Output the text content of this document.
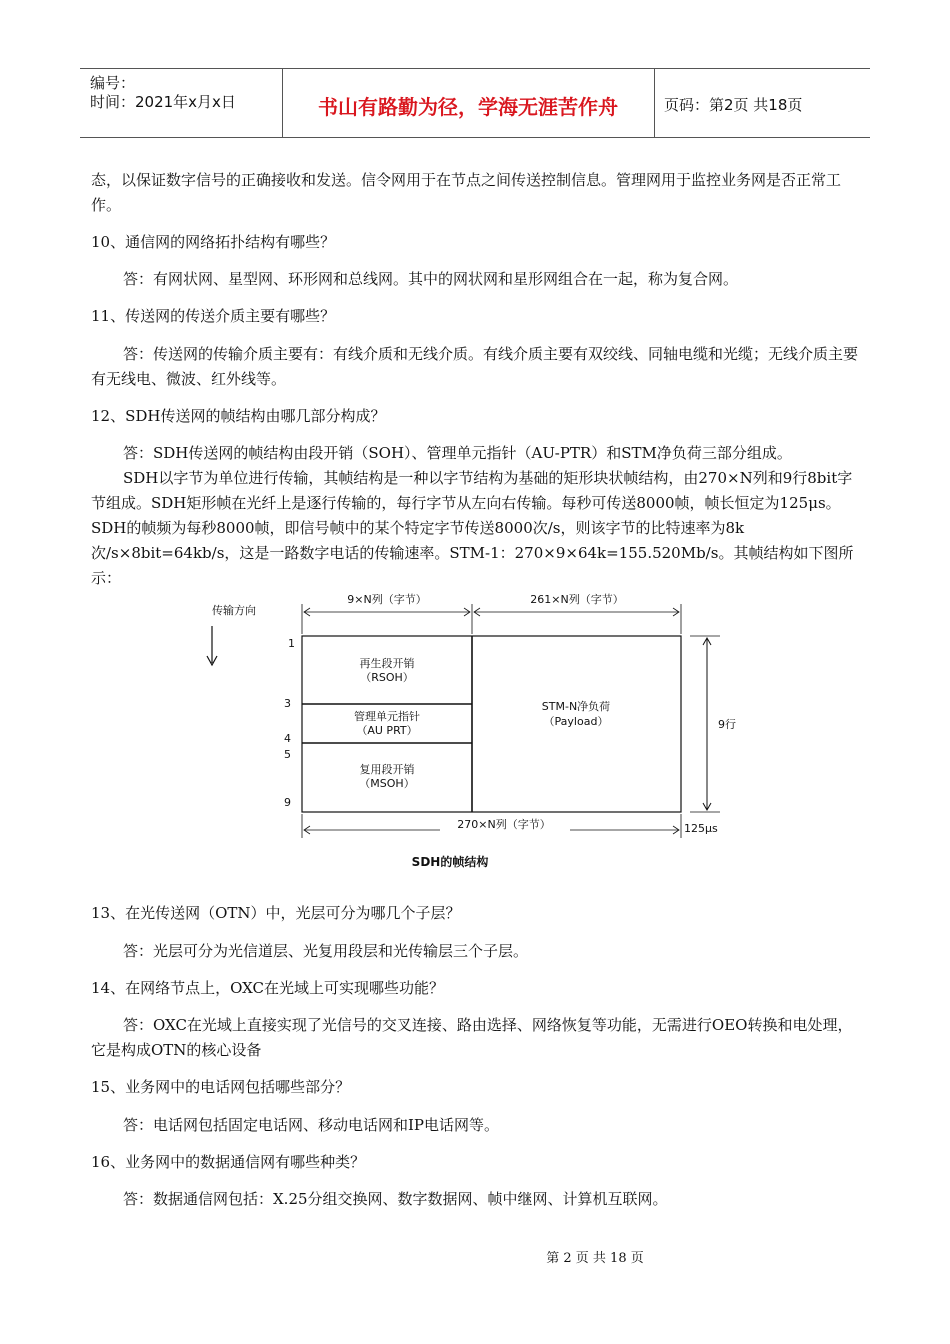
编号：
时间：2021年x月x日	书山有路勤为径，学海无涯苦作舟	页码：第2页 共18页

态，以保证数字信号的正确接收和发送。信令网用于在节点之间传送控制信息。管理网用于监控业务网是否正常工作。

10、通信网的网络拓扑结构有哪些？

答：有网状网、星型网、环形网和总线网。其中的网状网和星形网组合在一起，称为复合网。

11、传送网的传送介质主要有哪些？

答：传送网的传输介质主要有：有线介质和无线介质。有线介质主要有双绞线、同轴电缆和光缆；无线介质主要有无线电、微波、红外线等。

12、SDH传送网的帧结构由哪几部分构成？

答：SDH传送网的帧结构由段开销（SOH）、管理单元指针（AU-PTR）和STM净负荷三部分组成。

SDH以字节为单位进行传输，其帧结构是一种以字节结构为基础的矩形块状帧结构，由270×N列和9行8bit字节组成。SDH矩形帧在光纤上是逐行传输的，每行字节从左向右传输。每秒可传送8000帧，帧长恒定为125μs。SDH的帧频为每秒8000帧，即信号帧中的某个特定字节传送8000次/s，则该字节的比特速率为8k次/s×8bit=64kb/s，这是一路数字电话的传输速率。STM-1：270×9×64k=155.520Mb/s。其帧结构如下图所示：

传输方向
9×N列（字节）	261×N列（字节）
1
3
4
5
9
再生段开销
（RSOH）
管理单元指针
（AU PRT）
复用段开销
（MSOH）
STM-N净负荷
（Payload）	9行
270×N列（字节）	125μs
SDH的帧结构

13、在光传送网（OTN）中，光层可分为哪几个子层？

答：光层可分为光信道层、光复用段层和光传输层三个子层。

14、在网络节点上，OXC在光域上可实现哪些功能？

答：OXC在光域上直接实现了光信号的交叉连接、路由选择、网络恢复等功能，无需进行OEO转换和电处理，它是构成OTN的核心设备

15、业务网中的电话网包括哪些部分？

答：电话网包括固定电话网、移动电话网和IP电话网等。

16、业务网中的数据通信网有哪些种类？

答：数据通信网包括：X.25分组交换网、数字数据网、帧中继网、计算机互联网。

第 2 页 共 18 页
